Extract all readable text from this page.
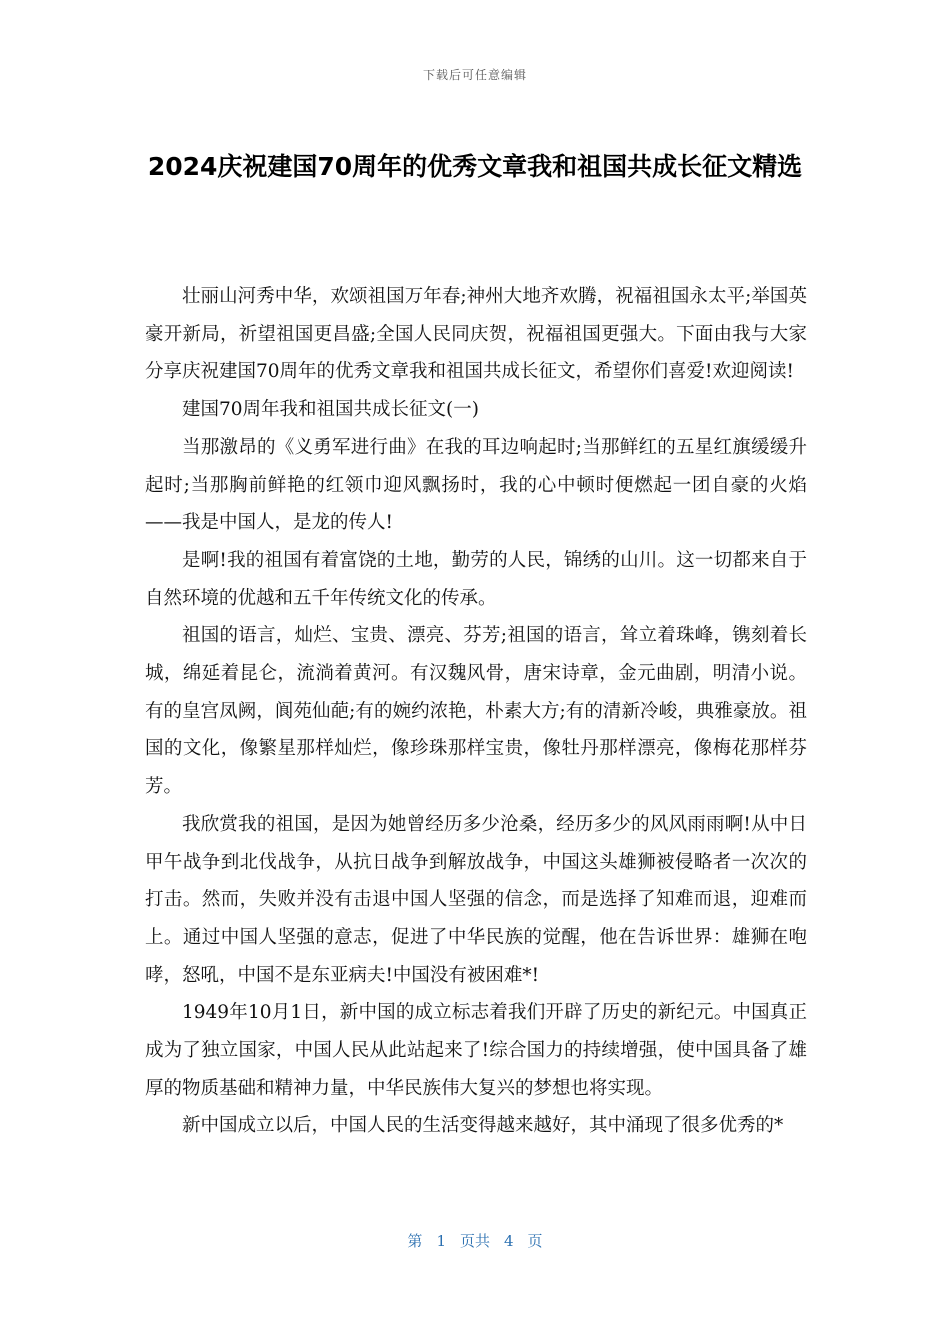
下载后可任意编辑
2024庆祝建国70周年的优秀文章我和祖国共成长征文精选

壮丽山河秀中华，欢颂祖国万年春;神州大地齐欢腾，祝福祖国永太平;举国英豪开新局，祈望祖国更昌盛;全国人民同庆贺，祝福祖国更强大。下面由我与大家分享庆祝建国70周年的优秀文章我和祖国共成长征文，希望你们喜爱!欢迎阅读!

建国70周年我和祖国共成长征文(一)

当那激昂的《义勇军进行曲》在我的耳边响起时;当那鲜红的五星红旗缓缓升起时;当那胸前鲜艳的红领巾迎风飘扬时，我的心中顿时便燃起一团自豪的火焰——我是中国人，是龙的传人!

是啊!我的祖国有着富饶的土地，勤劳的人民，锦绣的山川。这一切都来自于自然环境的优越和五千年传统文化的传承。

祖国的语言，灿烂、宝贵、漂亮、芬芳;祖国的语言，耸立着珠峰，镌刻着长城，绵延着昆仑，流淌着黄河。有汉魏风骨，唐宋诗章，金元曲剧，明清小说。有的皇宫凤阙，阆苑仙葩;有的婉约浓艳，朴素大方;有的清新冷峻，典雅豪放。祖国的文化，像繁星那样灿烂，像珍珠那样宝贵，像牡丹那样漂亮，像梅花那样芬芳。

我欣赏我的祖国，是因为她曾经历多少沧桑，经历多少的风风雨雨啊!从中日甲午战争到北伐战争，从抗日战争到解放战争，中国这头雄狮被侵略者一次次的打击。然而，失败并没有击退中国人坚强的信念，而是选择了知难而退，迎难而上。通过中国人坚强的意志，促进了中华民族的觉醒，他在告诉世界：雄狮在咆哮，怒吼，中国不是东亚病夫!中国没有被困难*!

1949年10月1日，新中国的成立标志着我们开辟了历史的新纪元。中国真正成为了独立国家，中国人民从此站起来了!综合国力的持续增强，使中国具备了雄厚的物质基础和精神力量，中华民族伟大复兴的梦想也将实现。

新中国成立以后，中国人民的生活变得越来越好，其中涌现了很多优秀的*

第 1 页共 4 页
